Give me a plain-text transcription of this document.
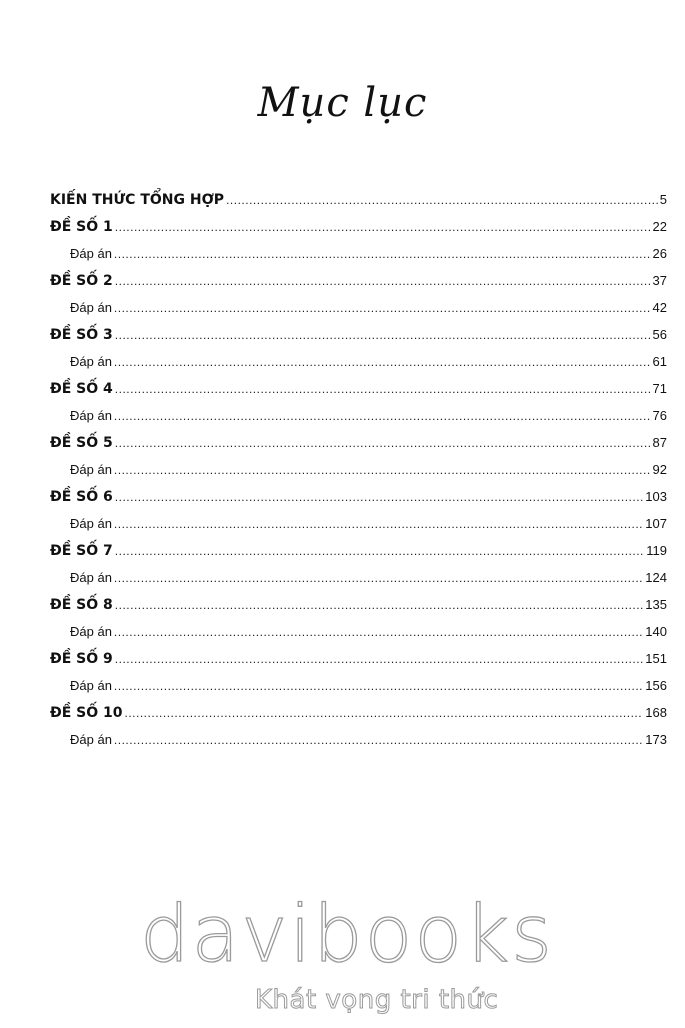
Mục lục
KIẾN THỨC TỔNG HỢP .....	5
ĐỀ SỐ 1 .....	22
Đáp án .....	26
ĐỀ SỐ 2 .....	37
Đáp án .....	42
ĐỀ SỐ 3 .....	56
Đáp án .....	61
ĐỀ SỐ 4 .....	71
Đáp án .....	76
ĐỀ SỐ 5 .....	87
Đáp án .....	92
ĐỀ SỐ 6 .....	103
Đáp án .....	107
ĐỀ SỐ 7 .....	119
Đáp án .....	124
ĐỀ SỐ 8 .....	135
Đáp án .....	140
ĐỀ SỐ 9 .....	151
Đáp án .....	156
ĐỀ SỐ 10 .....	168
Đáp án .....	173
davibooks
Khát vọng tri thức
